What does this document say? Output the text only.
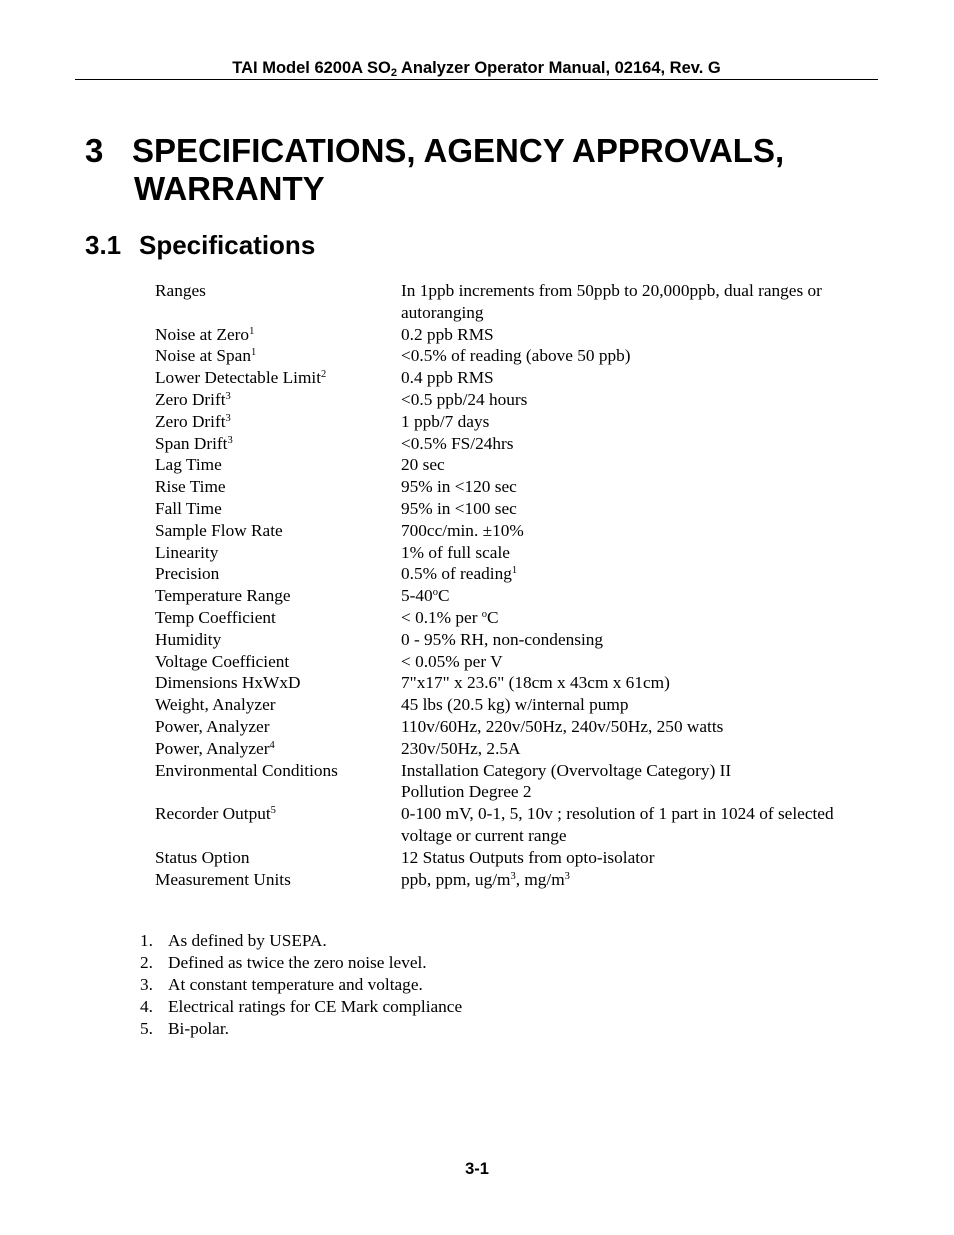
TAI Model 6200A $SO_2$ Analyzer Operator Manual, 02164, Rev. G
3 SPECIFICATIONS, AGENCY APPROVALS,
WARRANTY
3.1 Specifications
Ranges	In 1ppb increments from 50ppb to 20,000ppb, dual ranges or
autoranging
Noise at Zero$^1$	0.2 ppb RMS
Noise at Span$^1$	<0.5% of reading (above 50 ppb)
Lower Detectable Limit$^2$	0.4 ppb RMS
Zero Drift$^3$	<0.5 ppb/24 hours
Zero Drift$^3$	1 ppb/7 days
Span Drift$^3$	<0.5% FS/24hrs
Lag Time	20 sec
Rise Time	95% in <120 sec
Fall Time	95% in <100 sec
Sample Flow Rate	700cc/min. ±10%
Linearity	1% of full scale
Precision	0.5% of reading$^1$
Temperature Range	5-40$^o$C
Temp Coefficient	< 0.1% per $^o$C
Humidity	0 - 95% RH, non-condensing
Voltage Coefficient	< 0.05% per V
Dimensions HxWxD	7"x17" x 23.6" (18cm x 43cm x 61cm)
Weight, Analyzer	45 lbs (20.5 kg) w/internal pump
Power, Analyzer	110v/60Hz, 220v/50Hz, 240v/50Hz, 250 watts
Power, Analyzer$^4$	230v/50Hz, 2.5A
Environmental Conditions	Installation Category (Overvoltage Category) II
Pollution Degree 2
Recorder Output$^5$	0-100 mV, 0-1, 5, 10v ; resolution of 1 part in 1024 of selected
voltage or current range
Status Option	12 Status Outputs from opto-isolator
Measurement Units	ppb, ppm, $ug/m^3$, $mg/m^3$
1. As defined by USEPA.
2. Defined as twice the zero noise level.
3. At constant temperature and voltage.
4. Electrical ratings for CE Mark compliance
5. Bi-polar.
3-1
